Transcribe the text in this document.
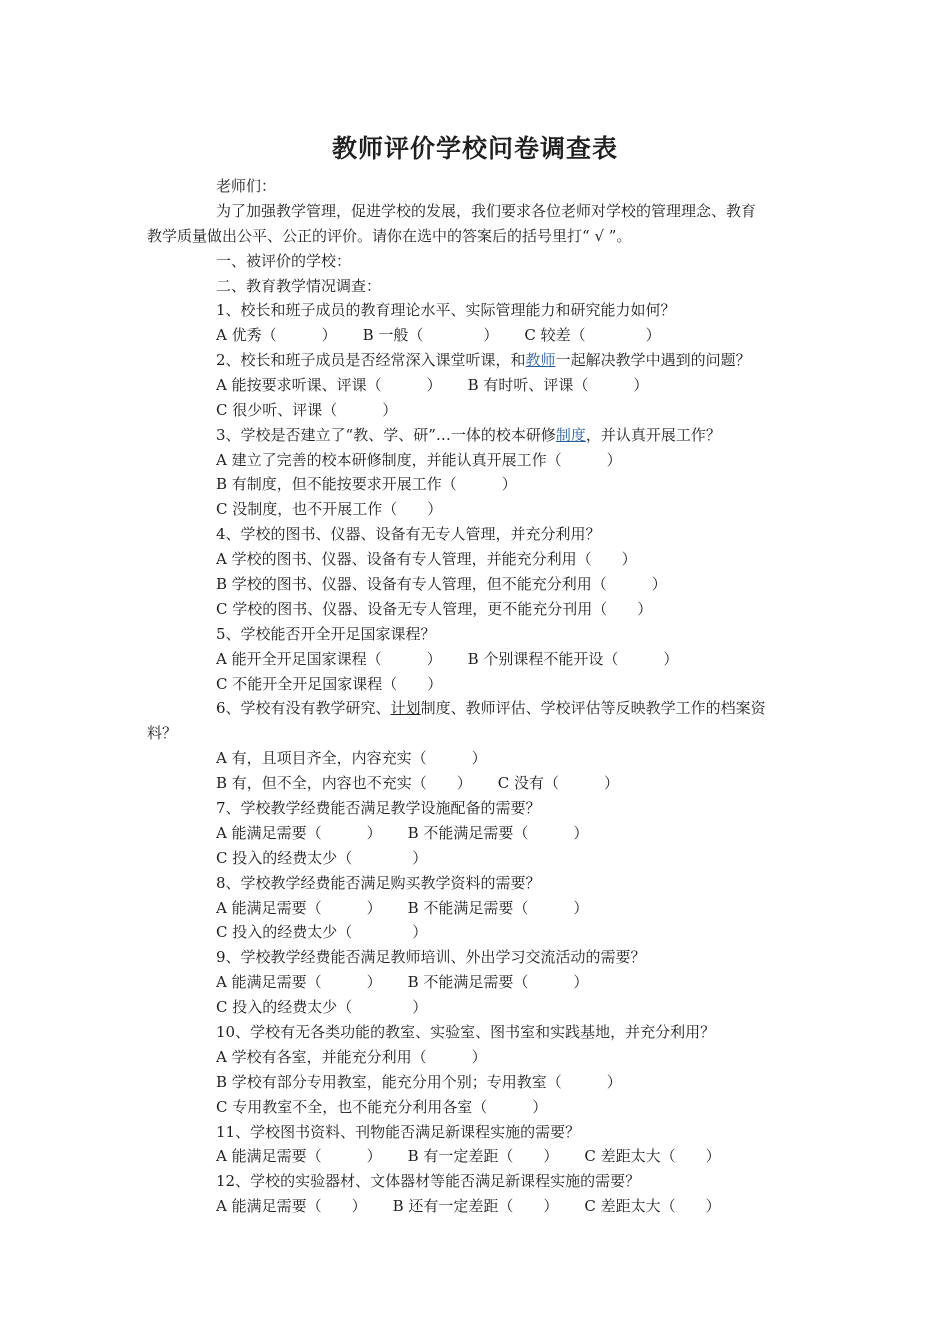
教师评价学校问卷调查表
老师们：
为了加强教学管理，促进学校的发展，我们要求各位老师对学校的管理理念、教育
教学质量做出公平、公正的评价。请你在选中的答案后的括号里打“ √ ”。
一、被评价的学校：
二、教育教学情况调查：
1、校长和班子成员的教育理论水平、实际管理能力和研究能力如何？
A 优秀（　　　） B 一般（　　　　） C 较差（　　　　）
2、校长和班子成员是否经常深入课堂听课，和教师一起解决教学中遇到的问题？
A 能按要求听课、评课（　　　） B 有时听、评课（　　　）
C 很少听、评课（　　　）
3、学校是否建立了“教、学、研”…一体的校本研修制度，并认真开展工作？
A 建立了完善的校本研修制度，并能认真开展工作（　　　）
B 有制度，但不能按要求开展工作（　　　）
C 没制度，也不开展工作（　　）
4、学校的图书、仪器、设备有无专人管理，并充分利用？
A 学校的图书、仪器、设备有专人管理，并能充分利用（　　）
B 学校的图书、仪器、设备有专人管理，但不能充分利用（　　　）
C 学校的图书、仪器、设备无专人管理，更不能充分刊用（　　）
5、学校能否开全开足国家课程？
A 能开全开足国家课程（　　　） B 个别课程不能开设（　　　）
C 不能开全开足国家课程（　　）
6、学校有没有教学研究、计划制度、教师评估、学校评估等反映教学工作的档案资
料？
A 有，且项目齐全，内容充实（　　　）
B 有，但不全，内容也不充实（　　） C 没有（　　　）
7、学校教学经费能否满足教学设施配备的需要？
A 能满足需要（　　　） B 不能满足需要（　　　）
C 投入的经费太少（　　　　）
8、学校教学经费能否满足购买教学资料的需要？
A 能满足需要（　　　） B 不能满足需要（　　　）
C 投入的经费太少（　　　　）
9、学校教学经费能否满足教师培训、外出学习交流活动的需要？
A 能满足需要（　　　） B 不能满足需要（　　　）
C 投入的经费太少（　　　　）
10、学校有无各类功能的教室、实验室、图书室和实践基地，并充分利用？
A 学校有各室，并能充分利用（　　　）
B 学校有部分专用教室，能充分用个别；专用教室（　　　）
C 专用教室不全，也不能充分利用各室（　　　）
11、学校图书资料、刊物能否满足新课程实施的需要？
A 能满足需要（　　　） B 有一定差距（　　） C 差距太大（　　）
12、学校的实验器材、文体器材等能否满足新课程实施的需要？
A 能满足需要（　　） B 还有一定差距（　　） C 差距太大（　　）
